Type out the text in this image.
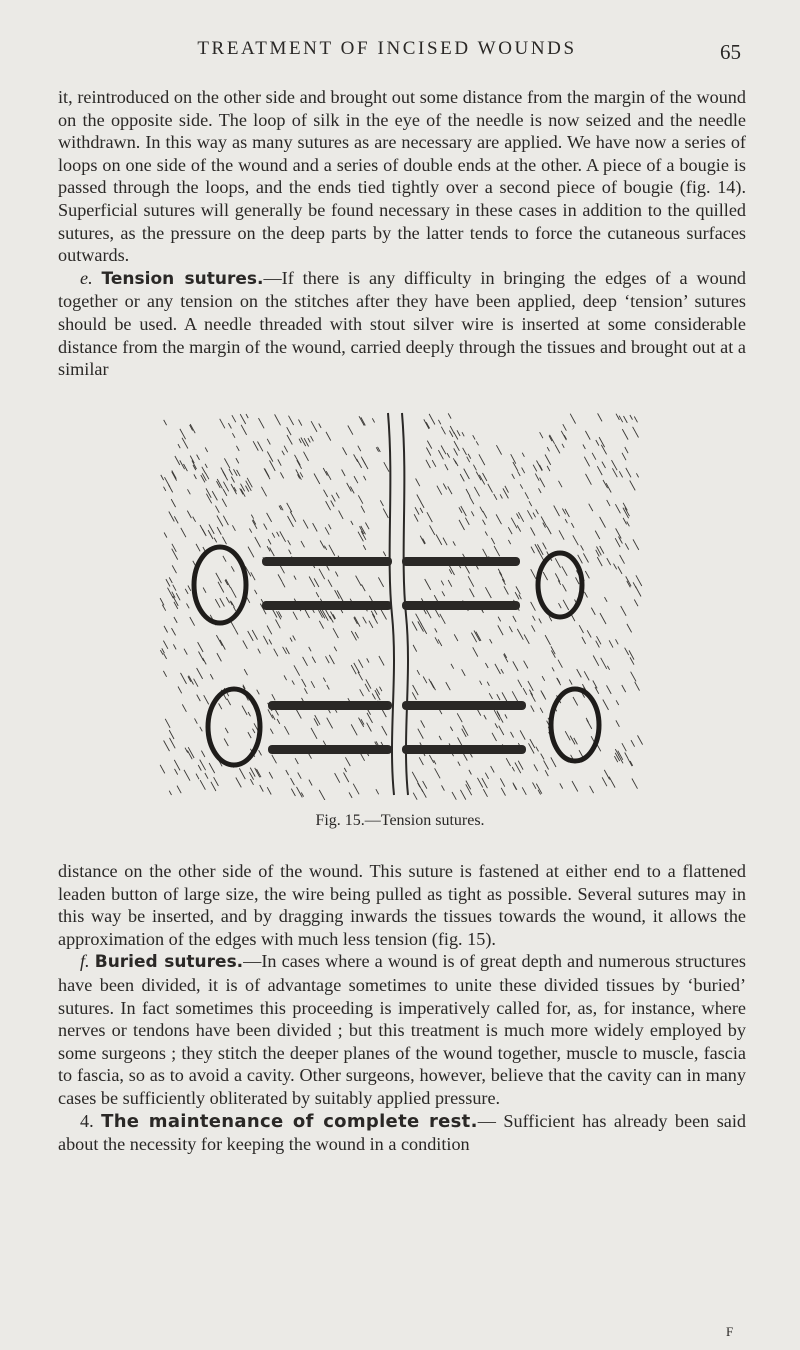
TREATMENT OF INCISED WOUNDS	65

it, reintroduced on the other side and brought out some distance from the margin of the wound on the opposite side. The loop of silk in the eye of the needle is now seized and the needle withdrawn. In this way as many sutures as are necessary are applied. We have now a series of loops on one side of the wound and a series of double ends at the other. A piece of a bougie is passed through the loops, and the ends tied tightly over a second piece of bougie (fig. 14). Superficial sutures will generally be found necessary in these cases in addition to the quilled sutures, as the pressure on the deep parts by the latter tends to force the cutaneous surfaces outwards.

e. Tension sutures.—If there is any difficulty in bringing the edges of a wound together or any tension on the stitches after they have been applied, deep ‘tension’ sutures should be used. A needle threaded with stout silver wire is inserted at some considerable distance from the margin of the wound, carried deeply through the tissues and brought out at a similar

Fig. 15.—Tension sutures.

distance on the other side of the wound. This suture is fastened at either end to a flattened leaden button of large size, the wire being pulled as tight as possible. Several sutures may in this way be inserted, and by dragging inwards the tissues towards the wound, it allows the approximation of the edges with much less tension (fig. 15).

f. Buried sutures.—In cases where a wound is of great depth and numerous structures have been divided, it is of advantage sometimes to unite these divided tissues by ‘buried’ sutures. In fact sometimes this proceeding is imperatively called for, as, for instance, where nerves or tendons have been divided ; but this treatment is much more widely employed by some surgeons ; they stitch the deeper planes of the wound together, muscle to muscle, fascia to fascia, so as to avoid a cavity. Other surgeons, however, believe that the cavity can in many cases be sufficiently obliterated by suitably applied pressure.

4. The maintenance of complete rest.— Sufficient has already been said about the necessity for keeping the wound in a condition

F
